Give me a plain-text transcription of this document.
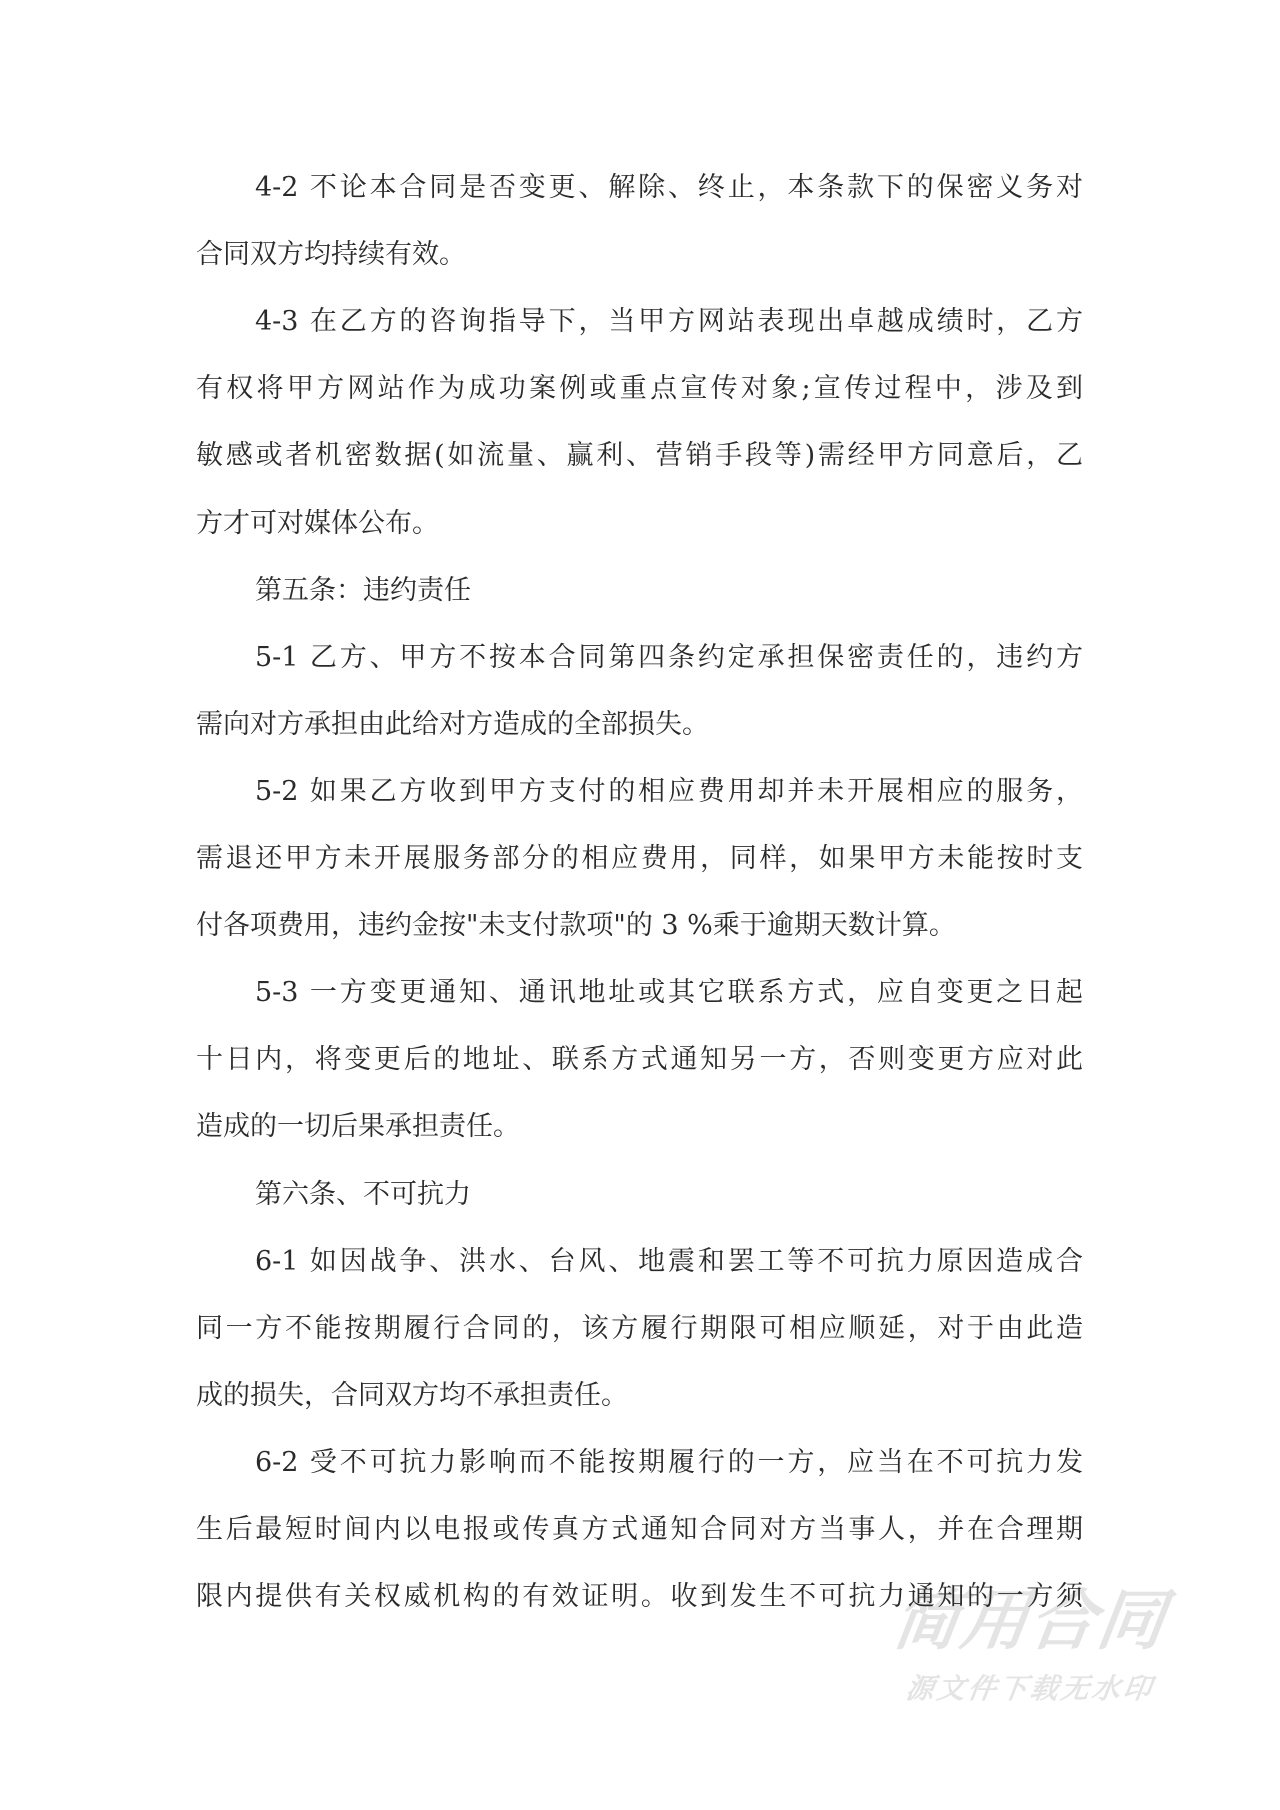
简用合同
源文件下载无水印
4-2 不论本合同是否变更、解除、终止，本条款下的保密义务对
合同双方均持续有效。
4-3 在乙方的咨询指导下，当甲方网站表现出卓越成绩时，乙方
有权将甲方网站作为成功案例或重点宣传对象;宣传过程中，涉及到
敏感或者机密数据(如流量、赢利、营销手段等)需经甲方同意后，乙
方才可对媒体公布。
第五条：违约责任
5-1 乙方、甲方不按本合同第四条约定承担保密责任的，违约方
需向对方承担由此给对方造成的全部损失。
5-2 如果乙方收到甲方支付的相应费用却并未开展相应的服务，
需退还甲方未开展服务部分的相应费用，同样，如果甲方未能按时支
付各项费用，违约金按"未支付款项"的 3 %乘于逾期天数计算。
5-3 一方变更通知、通讯地址或其它联系方式，应自变更之日起
十日内，将变更后的地址、联系方式通知另一方，否则变更方应对此
造成的一切后果承担责任。
第六条、不可抗力
6-1 如因战争、洪水、台风、地震和罢工等不可抗力原因造成合
同一方不能按期履行合同的，该方履行期限可相应顺延，对于由此造
成的损失，合同双方均不承担责任。
6-2 受不可抗力影响而不能按期履行的一方，应当在不可抗力发
生后最短时间内以电报或传真方式通知合同对方当事人，并在合理期
限内提供有关权威机构的有效证明。收到发生不可抗力通知的一方须
